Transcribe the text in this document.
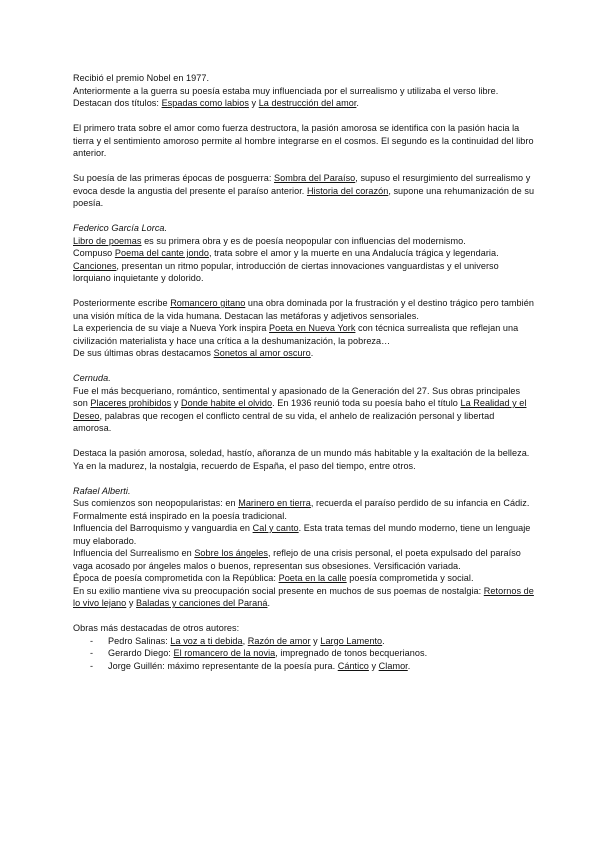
Recibió el premio Nobel en 1977.

Anteriormente a la guerra su poesía estaba muy influenciada por el surrealismo y utilizaba el verso libre. Destacan dos títulos: Espadas como labios y La destrucción del amor.

El primero trata sobre el amor como fuerza destructora, la pasión amorosa se identifica con la pasión hacia la tierra y el sentimiento amoroso permite al hombre integrarse en el cosmos. El segundo es la continuidad del libro anterior.

Su poesía de las primeras épocas de posguerra: Sombra del Paraíso, supuso el resurgimiento del surrealismo y evoca desde la angustia del presente el paraíso anterior. Historia del corazón, supone una rehumanización de su poesía.

Federico García Lorca.

Libro de poemas es su primera obra y es de poesía neopopular con influencias del modernismo.

Compuso Poema del cante jondo, trata sobre el amor y la muerte en una Andalucía trágica y legendaria. Canciones, presentan un ritmo popular, introducción de ciertas innovaciones vanguardistas y el universo lorquiano inquietante y dolorido.

Posteriormente escribe Romancero gitano una obra dominada por la frustración y el destino trágico pero también una visión mítica de la vida humana. Destacan las metáforas y adjetivos sensoriales.

La experiencia de su viaje a Nueva York inspira Poeta en Nueva York con técnica surrealista que reflejan una civilización materialista y hace una crítica a la deshumanización, la pobreza…

De sus últimas obras destacamos Sonetos al amor oscuro.

Cernuda.

Fue el más becqueriano, romántico, sentimental y apasionado de la Generación del 27. Sus obras principales son Placeres prohibidos y Donde habite el olvido. En 1936 reunió toda su poesía baho el título La Realidad y el Deseo, palabras que recogen el conflicto central de su vida, el anhelo de realización personal y libertad amorosa.

Destaca la pasión amorosa, soledad, hastío, añoranza de un mundo más habitable y la exaltación de la belleza. Ya en la madurez, la nostalgia, recuerdo de España, el paso del tiempo, entre otros.

Rafael Alberti.

Sus comienzos son neopopularistas: en Marinero en tierra, recuerda el paraíso perdido de su infancia en Cádiz. Formalmente está inspirado en la poesía tradicional.

Influencia del Barroquismo y vanguardia en Cal y canto. Esta trata temas del mundo moderno, tiene un lenguaje muy elaborado.

Influencia del Surrealismo en Sobre los ángeles, reflejo de una crisis personal, el poeta expulsado del paraíso vaga acosado por ángeles malos o buenos, representan sus obsesiones. Versificación variada.

Época de poesía comprometida con la República: Poeta en la calle poesía comprometida y social.

En su exilio mantiene viva su preocupación social presente en muchos de sus poemas de nostalgia: Retornos de lo vivo lejano y Baladas y canciones del Paraná.

Obras más destacadas de otros autores:

- Pedro Salinas: La voz a ti debida, Razón de amor y Largo Lamento.
- Gerardo Diego: El romancero de la novia, impregnado de tonos becquerianos.
- Jorge Guillén: máximo representante de la poesía pura. Cántico y Clamor.
